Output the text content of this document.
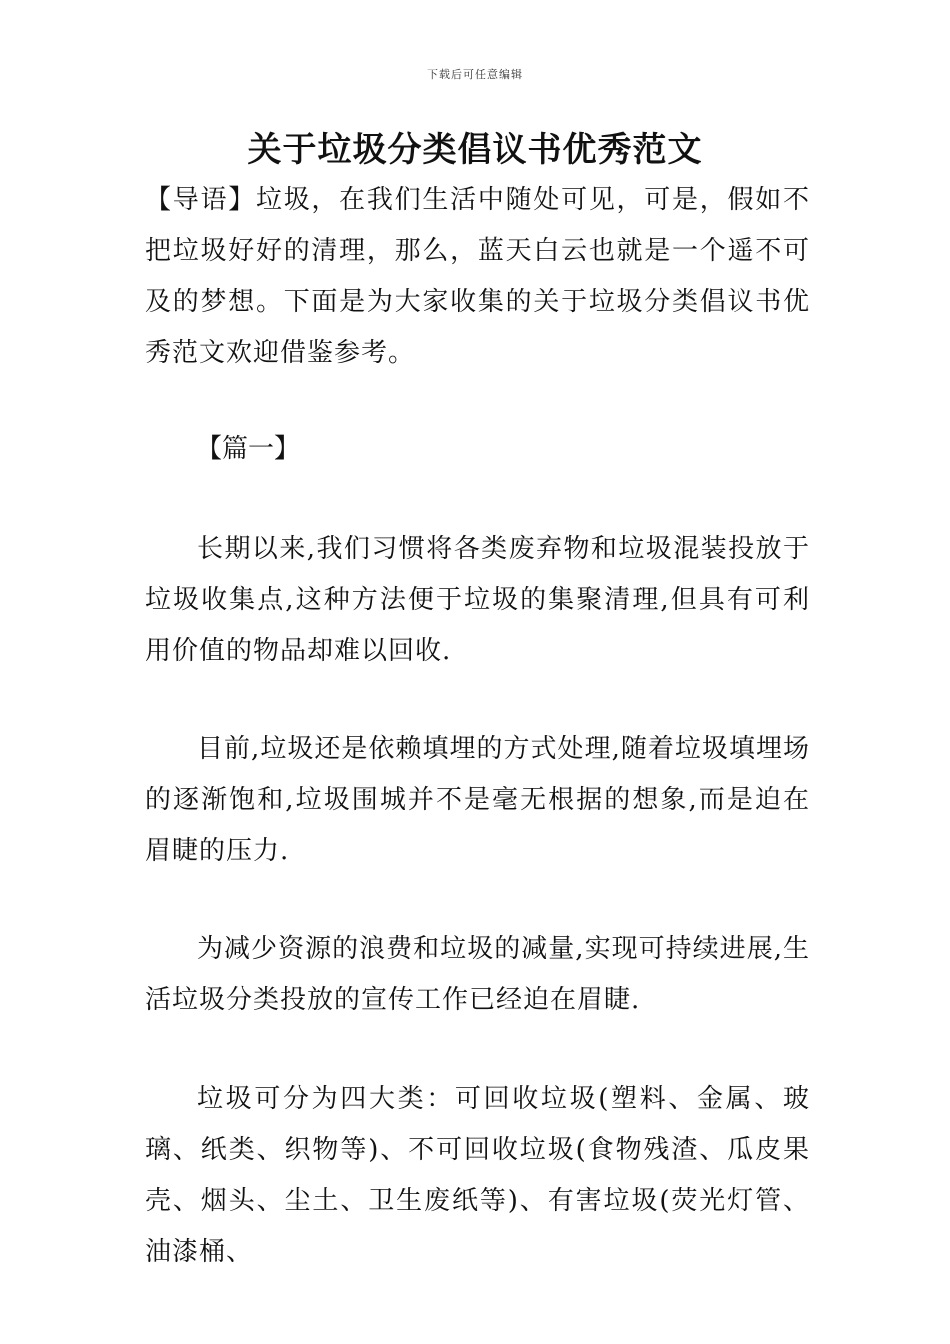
下载后可任意编辑
关于垃圾分类倡议书优秀范文

【导语】垃圾，在我们生活中随处可见，可是，假如不把垃圾好好的清理，那么，蓝天白云也就是一个遥不可及的梦想。下面是为大家收集的关于垃圾分类倡议书优秀范文欢迎借鉴参考。

【篇一】

长期以来,我们习惯将各类废弃物和垃圾混装投放于垃圾收集点,这种方法便于垃圾的集聚清理,但具有可利用价值的物品却难以回收.

目前,垃圾还是依赖填埋的方式处理,随着垃圾填埋场的逐渐饱和,垃圾围城并不是毫无根据的想象,而是迫在眉睫的压力.

为减少资源的浪费和垃圾的减量,实现可持续进展,生活垃圾分类投放的宣传工作已经迫在眉睫.

垃圾可分为四大类：可回收垃圾(塑料、金属、玻璃、纸类、织物等)、不可回收垃圾(食物残渣、瓜皮果壳、烟头、尘土、卫生废纸等)、有害垃圾(荧光灯管、油漆桶、
